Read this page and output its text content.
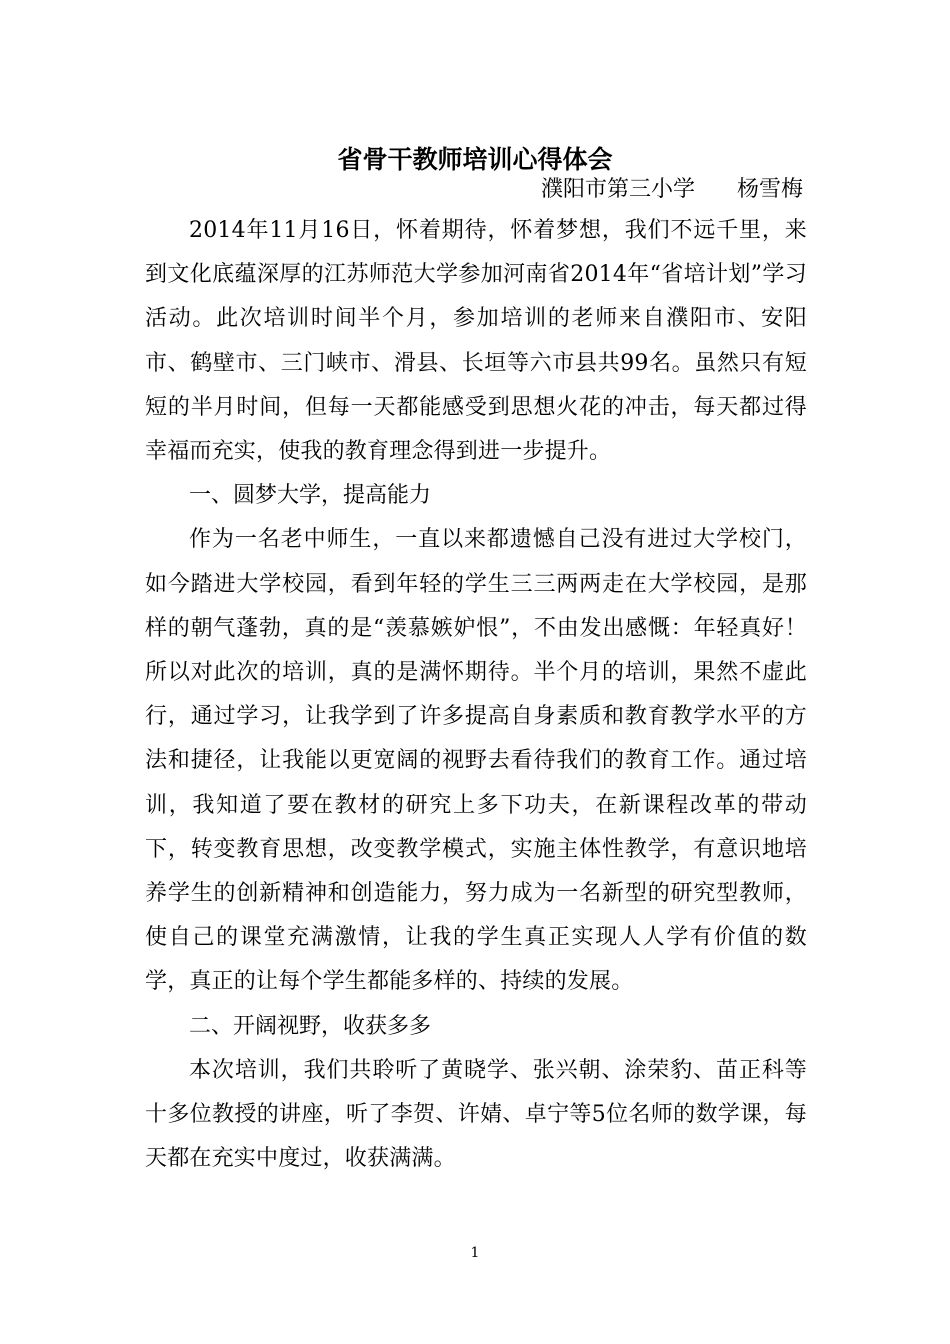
省骨干教师培训心得体会
濮阳市第三小学      杨雪梅

2014年11月16日，怀着期待，怀着梦想，我们不远千里，来到文化底蕴深厚的江苏师范大学参加河南省2014年“省培计划”学习活动。此次培训时间半个月，参加培训的老师来自濮阳市、安阳市、鹤壁市、三门峡市、滑县、长垣等六市县共99名。虽然只有短短的半月时间，但每一天都能感受到思想火花的冲击，每天都过得幸福而充实，使我的教育理念得到进一步提升。

一、圆梦大学，提高能力

作为一名老中师生，一直以来都遗憾自己没有进过大学校门，如今踏进大学校园，看到年轻的学生三三两两走在大学校园，是那样的朝气蓬勃，真的是“羡慕嫉妒恨”，不由发出感慨：年轻真好！所以对此次的培训，真的是满怀期待。半个月的培训，果然不虚此行，通过学习，让我学到了许多提高自身素质和教育教学水平的方法和捷径，让我能以更宽阔的视野去看待我们的教育工作。通过培训，我知道了要在教材的研究上多下功夫，在新课程改革的带动下，转变教育思想，改变教学模式，实施主体性教学，有意识地培养学生的创新精神和创造能力，努力成为一名新型的研究型教师，使自己的课堂充满激情，让我的学生真正实现人人学有价值的数学，真正的让每个学生都能多样的、持续的发展。

二、开阔视野，收获多多

本次培训，我们共聆听了黄晓学、张兴朝、涂荣豹、苗正科等十多位教授的讲座，听了李贺、许婧、卓宁等5位名师的数学课，每天都在充实中度过，收获满满。

1
